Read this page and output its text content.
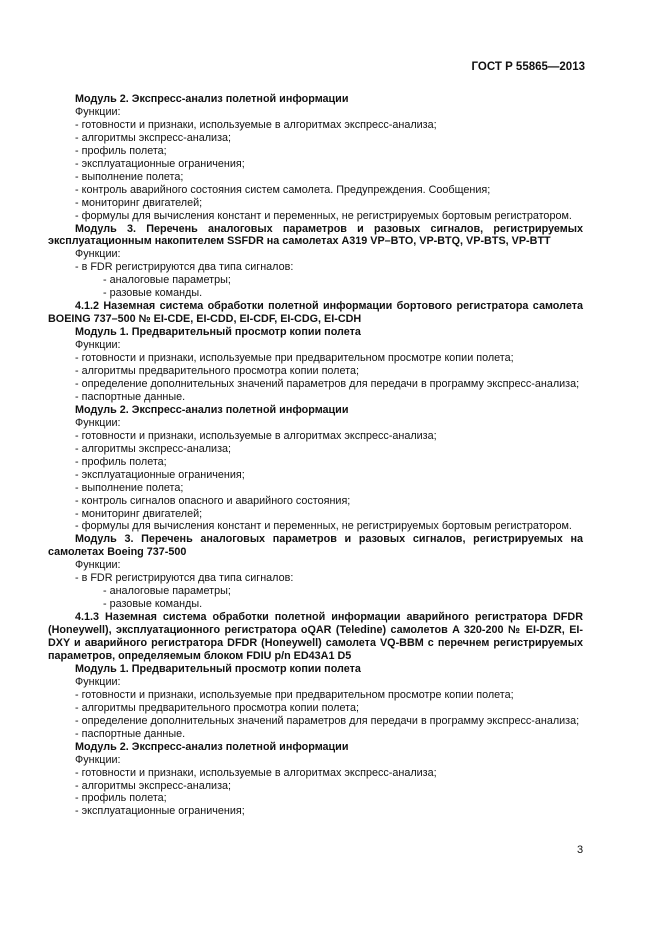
ГОСТ Р 55865—2013

Модуль 2. Экспресс-анализ полетной информации

Функции:

- готовности и признаки, используемые в алгоритмах экспресс-анализа;

- алгоритмы экспресс-анализа;

- профиль полета;

- эксплуатационные ограничения;

- выполнение полета;

- контроль аварийного состояния систем самолета. Предупреждения. Сообщения;

- мониторинг двигателей;

- формулы для вычисления констант и переменных, не регистрируемых бортовым регистратором.

Модуль 3. Перечень аналоговых параметров и разовых сигналов, регистрируемых эксплуатационным накопителем SSFDR на самолетах А319 VP–BTO, VP-BTQ, VP-BTS, VP-BTT

Функции:

- в FDR регистрируются два типа сигналов:

- аналоговые параметры;

- разовые команды.

4.1.2 Наземная система обработки полетной информации бортового регистратора самолета BOEING 737–500 № EI-CDE, EI-CDD, EI-CDF, EI-CDG, EI-CDH

Модуль 1. Предварительный просмотр копии полета

Функции:

- готовности и признаки, используемые при предварительном просмотре копии полета;

- алгоритмы предварительного просмотра копии полета;

- определение дополнительных значений параметров для передачи в программу экспресс-анализа;

- паспортные данные.

Модуль 2. Экспресс-анализ полетной информации

Функции:

- готовности и признаки, используемые в алгоритмах экспресс-анализа;

- алгоритмы экспресс-анализа;

- профиль полета;

- эксплуатационные ограничения;

- выполнение полета;

- контроль сигналов опасного и аварийного состояния;

- мониторинг двигателей;

- формулы для вычисления констант и переменных, не регистрируемых бортовым регистратором.

Модуль 3. Перечень аналоговых параметров и разовых сигналов, регистрируемых на самолетах Boeing 737-500

Функции:

- в FDR регистрируются два типа сигналов:

- аналоговые параметры;

- разовые команды.

4.1.3 Наземная система обработки полетной информации аварийного регистратора DFDR (Honeywell), эксплуатационного регистратора oQAR (Teledine) самолетов A 320-200 № EI-DZR, EI-DXY и аварийного регистратора DFDR (Honeywell) самолета VQ-BBM с перечнем регистрируемых параметров, определяемым блоком FDIU p/n ED43A1 D5

Модуль 1. Предварительный просмотр копии полета

Функции:

- готовности и признаки, используемые при предварительном просмотре копии полета;

- алгоритмы предварительного просмотра копии полета;

- определение дополнительных значений параметров для передачи в программу экспресс-анализа;

- паспортные данные.

Модуль 2. Экспресс-анализ полетной информации

Функции:

- готовности и признаки, используемые в алгоритмах экспресс-анализа;

- алгоритмы экспресс-анализа;

- профиль полета;

- эксплуатационные ограничения;

3
